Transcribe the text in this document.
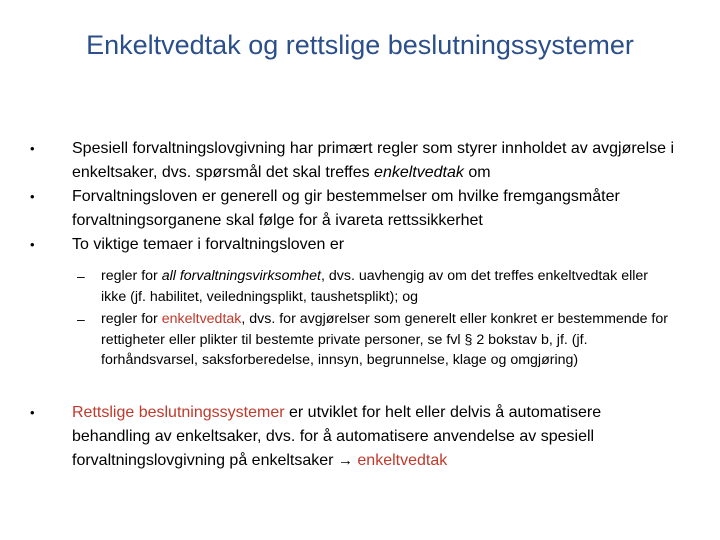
Enkeltvedtak og rettslige beslutningssystemer
•	Spesiell forvaltningslovgivning har primært regler som styrer innholdet av avgjørelse i enkeltsaker, dvs. spørsmål det skal treffes enkeltvedtak om
•	Forvaltningsloven er generell og gir bestemmelser om hvilke fremgangsmåter forvaltningsorganene skal følge for å ivareta rettssikkerhet
•	To viktige temaer i forvaltningsloven er
– regler for all forvaltningsvirksomhet, dvs. uavhengig av om det treffes enkeltvedtak eller ikke (jf. habilitet, veiledningsplikt, taushetsplikt); og
– regler for enkeltvedtak, dvs. for avgjørelser som generelt eller konkret er bestemmende for rettigheter eller plikter til bestemte private personer, se fvl § 2 bokstav b, jf. (jf. forhåndsvarsel, saksforberedelse, innsyn, begrunnelse, klage og omgjøring)
•	Rettslige beslutningssystemer er utviklet for helt eller delvis å automatisere behandling av enkeltsaker, dvs. for å automatisere anvendelse av spesiell forvaltningslovgivning på enkeltsaker → enkeltvedtak
